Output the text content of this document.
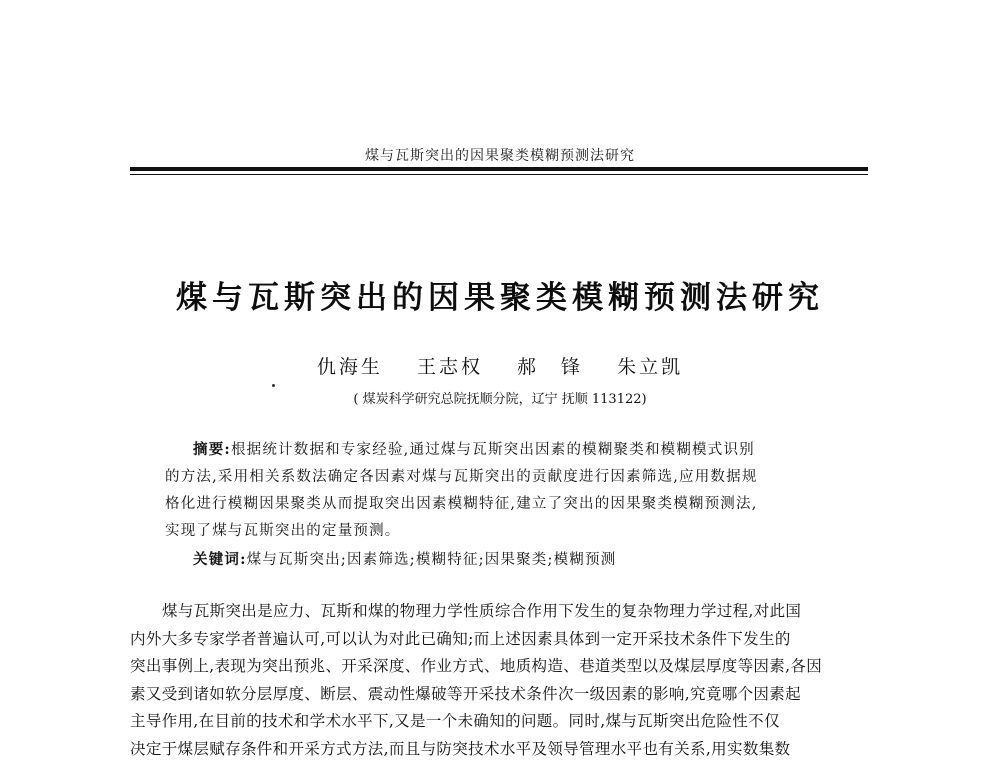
煤与瓦斯突出的因果聚类模糊预测法研究
煤与瓦斯突出的因果聚类模糊预测法研究
仇海生 王志权 郝　锋 朱立凯
( 煤炭科学研究总院抚顺分院，辽宁 抚顺 113122)
摘要:根据统计数据和专家经验,通过煤与瓦斯突出因素的模糊聚类和模糊模式识别
的方法,采用相关系数法确定各因素对煤与瓦斯突出的贡献度进行因素筛选,应用数据规
格化进行模糊因果聚类从而提取突出因素模糊特征,建立了突出的因果聚类模糊预测法,
实现了煤与瓦斯突出的定量预测。
关键词:煤与瓦斯突出;因素筛选;模糊特征;因果聚类;模糊预测
煤与瓦斯突出是应力、瓦斯和煤的物理力学性质综合作用下发生的复杂物理力学过程,对此国
内外大多专家学者普遍认可,可以认为对此已确知;而上述因素具体到一定开采技术条件下发生的
突出事例上,表现为突出预兆、开采深度、作业方式、地质构造、巷道类型以及煤层厚度等因素,各因
素又受到诸如软分层厚度、断层、震动性爆破等开采技术条件次一级因素的影响,究竟哪个因素起
主导作用,在目前的技术和学术水平下,又是一个未确知的问题。同时,煤与瓦斯突出危险性不仅
决定于煤层赋存条件和开采方式方法,而且与防突技术水平及领导管理水平也有关系,用实数集数
